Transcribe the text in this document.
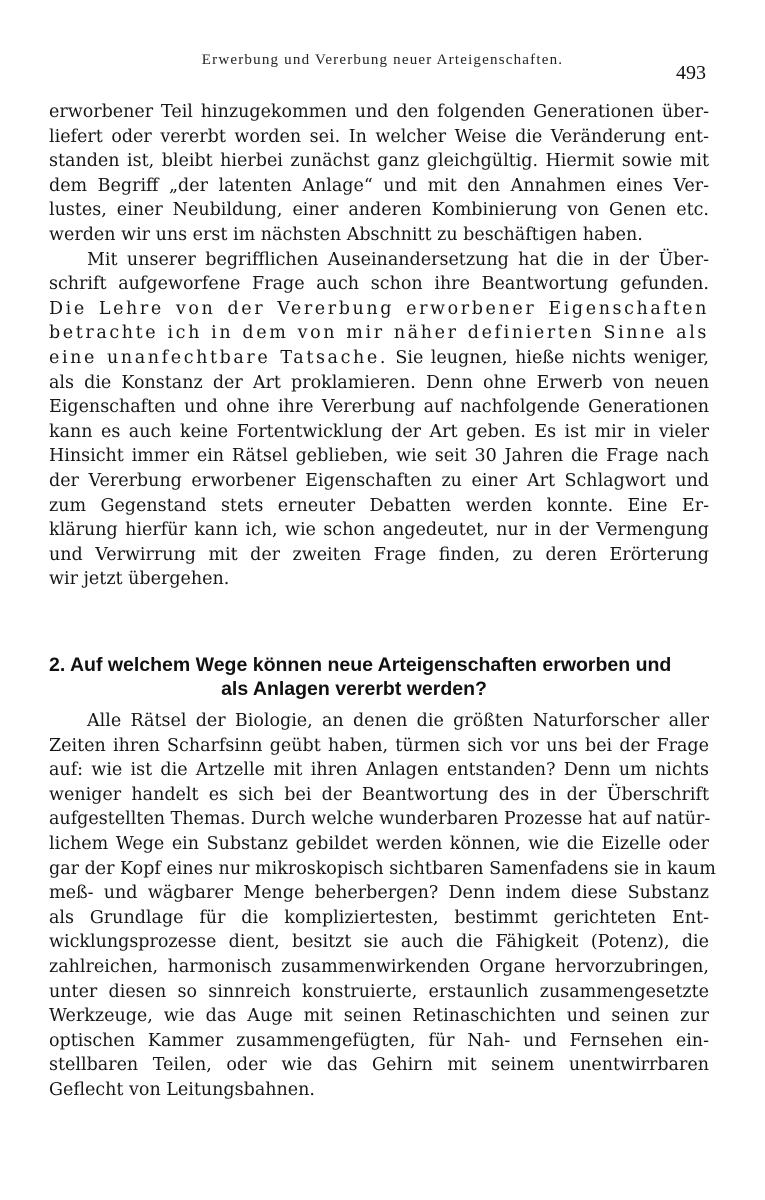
Erwerbung und Vererbung neuer Arteigenschaften.
493
erworbener Teil hinzugekommen und den folgenden Generationen über-
liefert oder vererbt worden sei. In welcher Weise die Veränderung ent-
standen ist, bleibt hierbei zunächst ganz gleichgültig. Hiermit sowie mit
dem Begriff „der latenten Anlage“ und mit den Annahmen eines Ver-
lustes, einer Neubildung, einer anderen Kombinierung von Genen etc.
werden wir uns erst im nächsten Abschnitt zu beschäftigen haben.
Mit unserer begrifflichen Auseinandersetzung hat die in der Über-
schrift aufgeworfene Frage auch schon ihre Beantwortung gefunden.
Die Lehre von der Vererbung erworbener Eigenschaften
betrachte ich in dem von mir näher definierten Sinne als
eine unanfechtbare Tatsache. Sie leugnen, hieße nichts weniger,
als die Konstanz der Art proklamieren. Denn ohne Erwerb von neuen
Eigenschaften und ohne ihre Vererbung auf nachfolgende Generationen
kann es auch keine Fortentwicklung der Art geben. Es ist mir in vieler
Hinsicht immer ein Rätsel geblieben, wie seit 30 Jahren die Frage nach
der Vererbung erworbener Eigenschaften zu einer Art Schlagwort und
zum Gegenstand stets erneuter Debatten werden konnte. Eine Er-
klärung hierfür kann ich, wie schon angedeutet, nur in der Vermengung
und Verwirrung mit der zweiten Frage finden, zu deren Erörterung
wir jetzt übergehen.
2. Auf welchem Wege können neue Arteigenschaften erworben und
als Anlagen vererbt werden?
Alle Rätsel der Biologie, an denen die größten Naturforscher aller
Zeiten ihren Scharfsinn geübt haben, türmen sich vor uns bei der Frage
auf: wie ist die Artzelle mit ihren Anlagen entstanden? Denn um nichts
weniger handelt es sich bei der Beantwortung des in der Überschrift
aufgestellten Themas. Durch welche wunderbaren Prozesse hat auf natür-
lichem Wege ein Substanz gebildet werden können, wie die Eizelle oder
gar der Kopf eines nur mikroskopisch sichtbaren Samenfadens sie in kaum
meß- und wägbarer Menge beherbergen? Denn indem diese Substanz
als Grundlage für die kompliziertesten, bestimmt gerichteten Ent-
wicklungsprozesse dient, besitzt sie auch die Fähigkeit (Potenz), die
zahlreichen, harmonisch zusammenwirkenden Organe hervorzubringen,
unter diesen so sinnreich konstruierte, erstaunlich zusammengesetzte
Werkzeuge, wie das Auge mit seinen Retinaschichten und seinen zur
optischen Kammer zusammengefügten, für Nah- und Fernsehen ein-
stellbaren Teilen, oder wie das Gehirn mit seinem unentwirrbaren
Geflecht von Leitungsbahnen.
